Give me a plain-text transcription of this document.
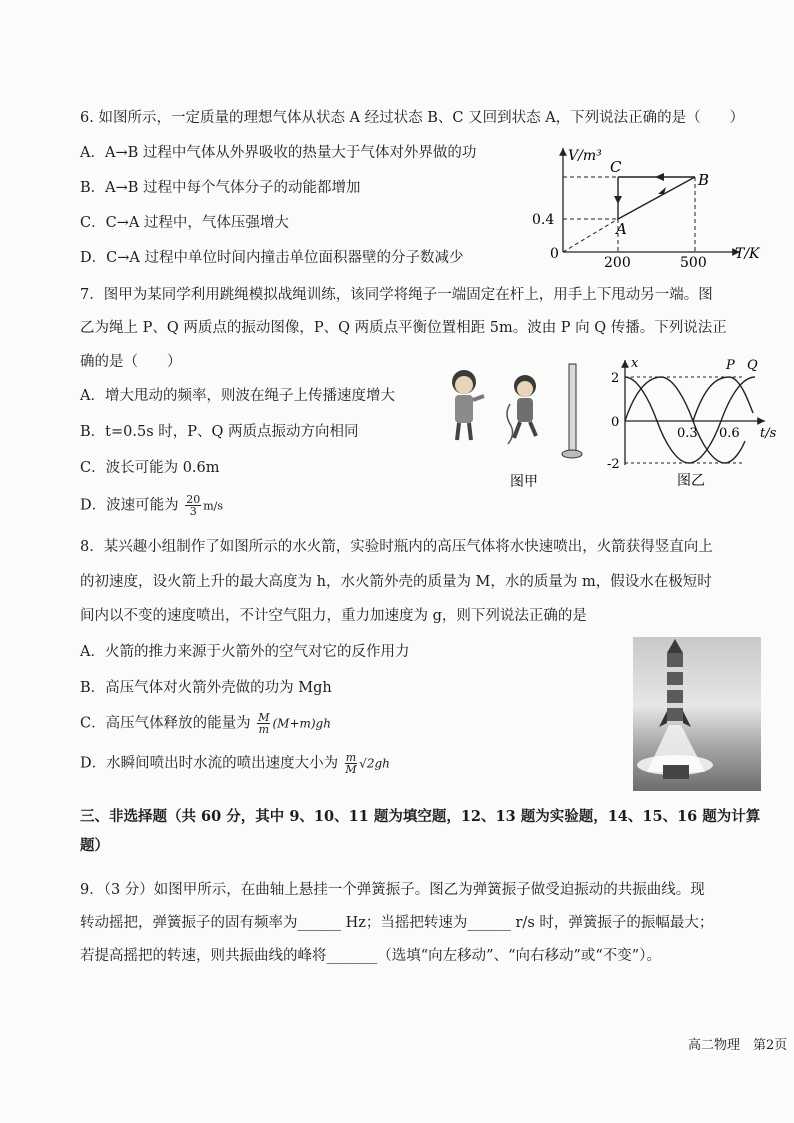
6. 如图所示，一定质量的理想气体从状态 A 经过状态 B、C 又回到状态 A，下列说法正确的是（　　）
A．A→B 过程中气体从外界吸收的热量大于气体对外界做的功
B．A→B 过程中每个气体分子的动能都增加
C．C→A 过程中，气体压强增大
D．C→A 过程中单位时间内撞击单位面积器壁的分子数减少
V/m³
T/K
0
0.4
200	500
A
B
C
7．图甲为某同学利用跳绳模拟战绳训练，该同学将绳子一端固定在杆上，用手上下甩动另一端。图
乙为绳上 P、Q 两质点的振动图像，P、Q 两质点平衡位置相距 5m。波由 P 向 Q 传播。下列说法正
确的是（　　）
A．增大甩动的频率，则波在绳子上传播速度增大
B．t=0.5s 时，P、Q 两质点振动方向相同
C．波长可能为 0.6m
D．波速可能为 $\frac{20}{3} m/s$
图甲
x
t/s
2
0
-2
0.3 0.6
P Q
图乙
8．某兴趣小组制作了如图所示的水火箭，实验时瓶内的高压气体将水快速喷出，火箭获得竖直向上
的初速度，设火箭上升的最大高度为 h，水火箭外壳的质量为 M，水的质量为 m，假设水在极短时
间内以不变的速度喷出，不计空气阻力，重力加速度为 g，则下列说法正确的是
A．火箭的推力来源于火箭外的空气对它的反作用力
B．高压气体对火箭外壳做的功为 Mgh
C．高压气体释放的能量为 $\frac{M}{m} (M+m)gh$
D．水瞬间喷出时水流的喷出速度大小为 $\frac{m}{M} √2gh$
三、非选择题（共 60 分，其中 9、10、11 题为填空题，12、13 题为实验题，14、15、16 题为计算
题）
9．（3 分）如图甲所示，在曲轴上悬挂一个弹簧振子。图乙为弹簧振子做受迫振动的共振曲线。现
转动摇把，弹簧振子的固有频率为______ Hz；当摇把转速为______ r/s 时，弹簧振子的振幅最大；
若提高摇把的转速，则共振曲线的峰将_______（选填“向左移动”、“向右移动”或“不变”）。
高二物理　第2页
